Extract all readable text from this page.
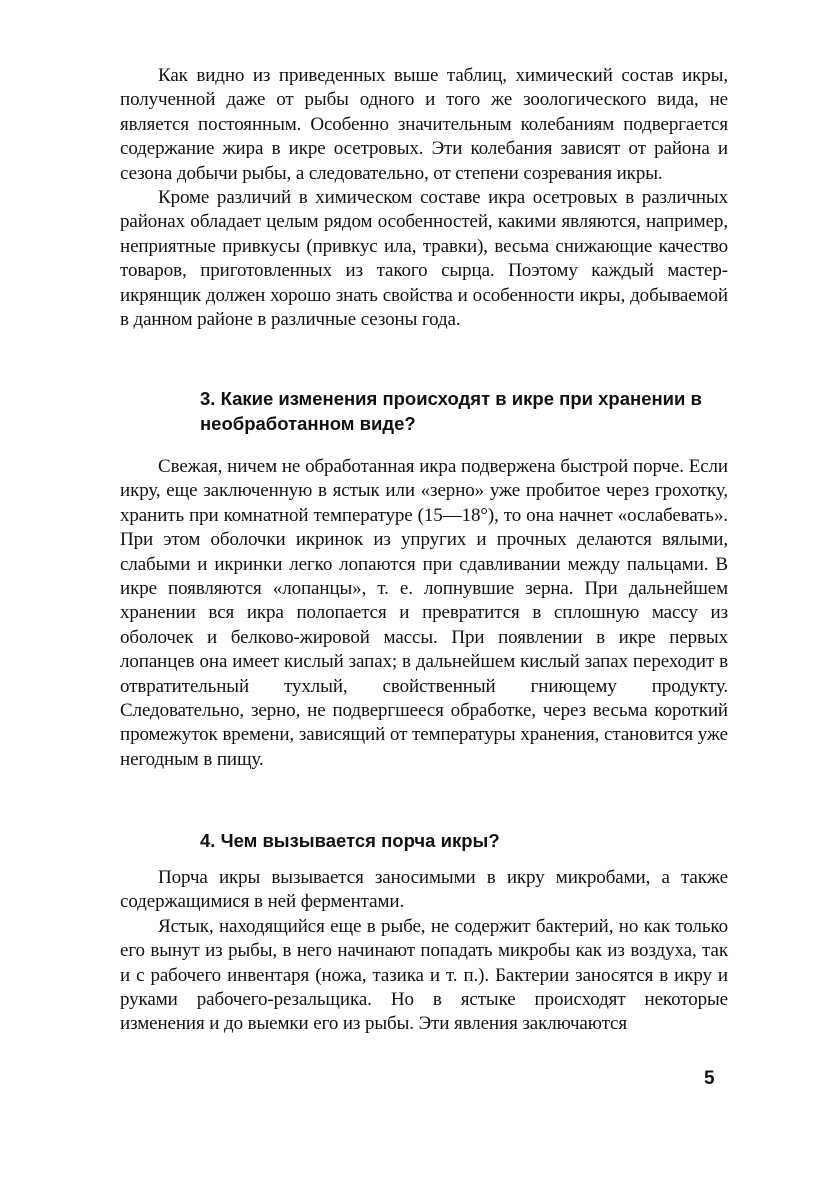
Как видно из приведенных выше таблиц, химический состав икры, полученной даже от рыбы одного и того же зоологического вида, не является постоянным. Особенно значительным колебаниям подвергается содержание жира в икре осетровых. Эти колебания зависят от района и сезона добычи рыбы, а следовательно, от степени созревания икры.

Кроме различий в химическом составе икра осетровых в различных районах обладает целым рядом особенностей, какими являются, например, неприятные привкусы (привкус ила, травки), весьма снижающие качество товаров, приготовленных из такого сырца. Поэтому каждый мастер-икрянщик должен хорошо знать свойства и особенности икры, добываемой в данном районе в различные сезоны года.

3. Какие изменения происходят в икре при хранении в необработанном виде?

Свежая, ничем не обработанная икра подвержена быстрой порче. Если икру, еще заключенную в ястык или «зерно» уже пробитое через грохотку, хранить при комнатной температуре (15—18°), то она начнет «ослабевать». При этом оболочки икринок из упругих и прочных делаются вялыми, слабыми и икринки легко лопаются при сдавливании между пальцами. В икре появляются «лопанцы», т. е. лопнувшие зерна. При дальнейшем хранении вся икра полопается и превратится в сплошную массу из оболочек и белково-жировой массы. При появлении в икре первых лопанцев она имеет кислый запах; в дальнейшем кислый запах переходит в отвратительный тухлый, свойственный гниющему продукту. Следовательно, зерно, не подвергшееся обработке, через весьма короткий промежуток времени, зависящий от температуры хранения, становится уже негодным в пищу.

4. Чем вызывается порча икры?

Порча икры вызывается заносимыми в икру микробами, а также содержащимися в ней ферментами.

Ястык, находящийся еще в рыбе, не содержит бактерий, но как только его вынут из рыбы, в него начинают попадать микробы как из воздуха, так и с рабочего инвентаря (ножа, тазика и т. п.). Бактерии заносятся в икру и руками рабочего-резальщика. Но в ястыке происходят некоторые изменения и до выемки его из рыбы. Эти явления заключаются

5
